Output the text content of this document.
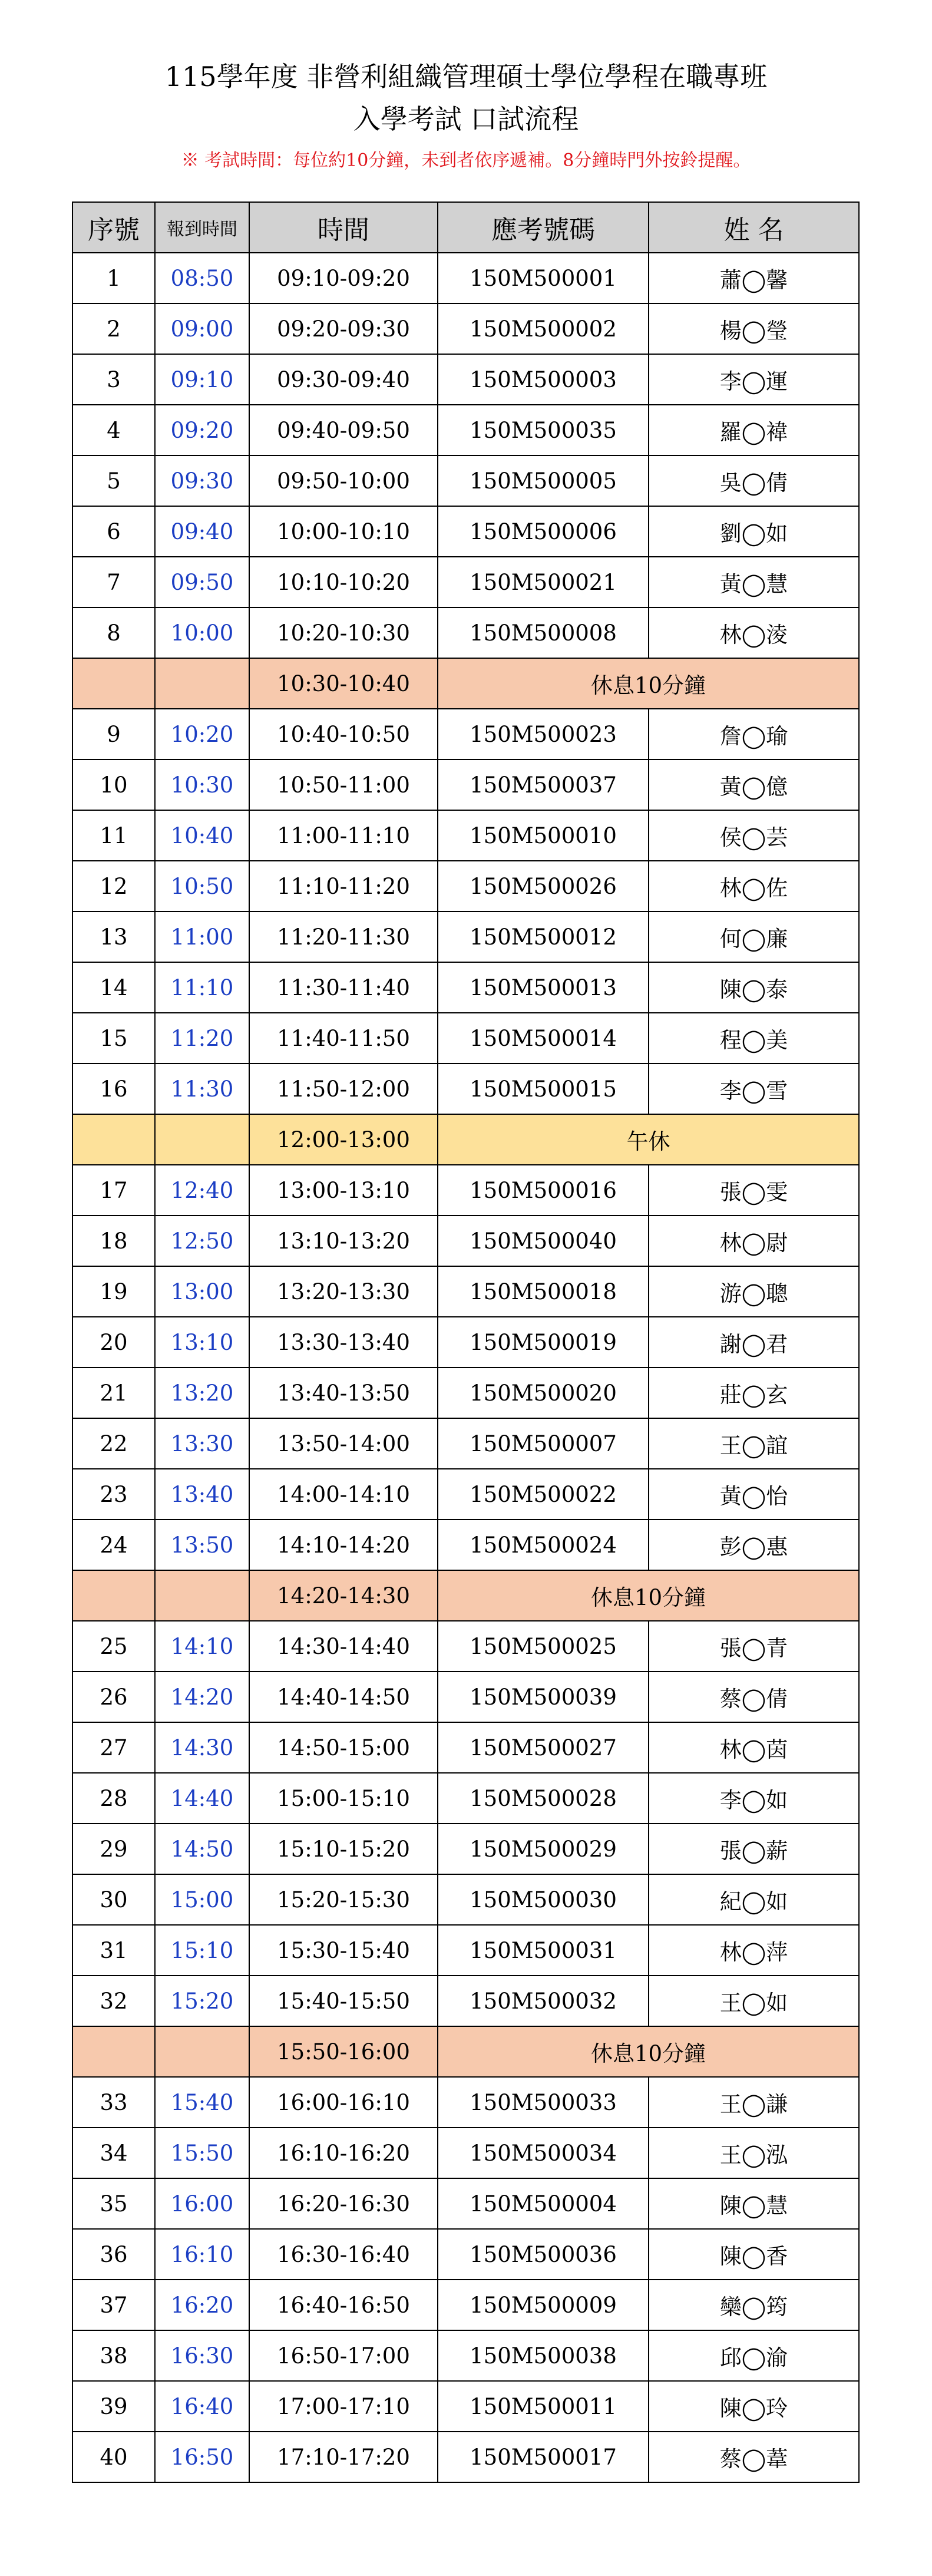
115學年度 非營利組織管理碩士學位學程在職專班
入學考試 口試流程
※ 考試時間：每位約10分鐘，未到者依序遞補。8分鐘時門外按鈴提醒。
序號	報到時間	時間	應考號碼	姓 名
1	08:50	09:10-09:20	150M500001	蕭◯馨
2	09:00	09:20-09:30	150M500002	楊◯瑩
3	09:10	09:30-09:40	150M500003	李◯運
4	09:20	09:40-09:50	150M500035	羅◯褘
5	09:30	09:50-10:00	150M500005	吳◯倩
6	09:40	10:00-10:10	150M500006	劉◯如
7	09:50	10:10-10:20	150M500021	黃◯慧
8	10:00	10:20-10:30	150M500008	林◯淩
		10:30-10:40	休息10分鐘	
9	10:20	10:40-10:50	150M500023	詹◯瑜
10	10:30	10:50-11:00	150M500037	黃◯億
11	10:40	11:00-11:10	150M500010	侯◯芸
12	10:50	11:10-11:20	150M500026	林◯佐
13	11:00	11:20-11:30	150M500012	何◯廉
14	11:10	11:30-11:40	150M500013	陳◯泰
15	11:20	11:40-11:50	150M500014	程◯美
16	11:30	11:50-12:00	150M500015	李◯雪
		12:00-13:00	午休	
17	12:40	13:00-13:10	150M500016	張◯雯
18	12:50	13:10-13:20	150M500040	林◯尉
19	13:00	13:20-13:30	150M500018	游◯聰
20	13:10	13:30-13:40	150M500019	謝◯君
21	13:20	13:40-13:50	150M500020	莊◯玄
22	13:30	13:50-14:00	150M500007	王◯誼
23	13:40	14:00-14:10	150M500022	黃◯怡
24	13:50	14:10-14:20	150M500024	彭◯惠
		14:20-14:30	休息10分鐘	
25	14:10	14:30-14:40	150M500025	張◯青
26	14:20	14:40-14:50	150M500039	蔡◯倩
27	14:30	14:50-15:00	150M500027	林◯茵
28	14:40	15:00-15:10	150M500028	李◯如
29	14:50	15:10-15:20	150M500029	張◯薪
30	15:00	15:20-15:30	150M500030	紀◯如
31	15:10	15:30-15:40	150M500031	林◯萍
32	15:20	15:40-15:50	150M500032	王◯如
		15:50-16:00	休息10分鐘	
33	15:40	16:00-16:10	150M500033	王◯謙
34	15:50	16:10-16:20	150M500034	王◯泓
35	16:00	16:20-16:30	150M500004	陳◯慧
36	16:10	16:30-16:40	150M500036	陳◯香
37	16:20	16:40-16:50	150M500009	欒◯筠
38	16:30	16:50-17:00	150M500038	邱◯渝
39	16:40	17:00-17:10	150M500011	陳◯玲
40	16:50	17:10-17:20	150M500017	蔡◯葦
